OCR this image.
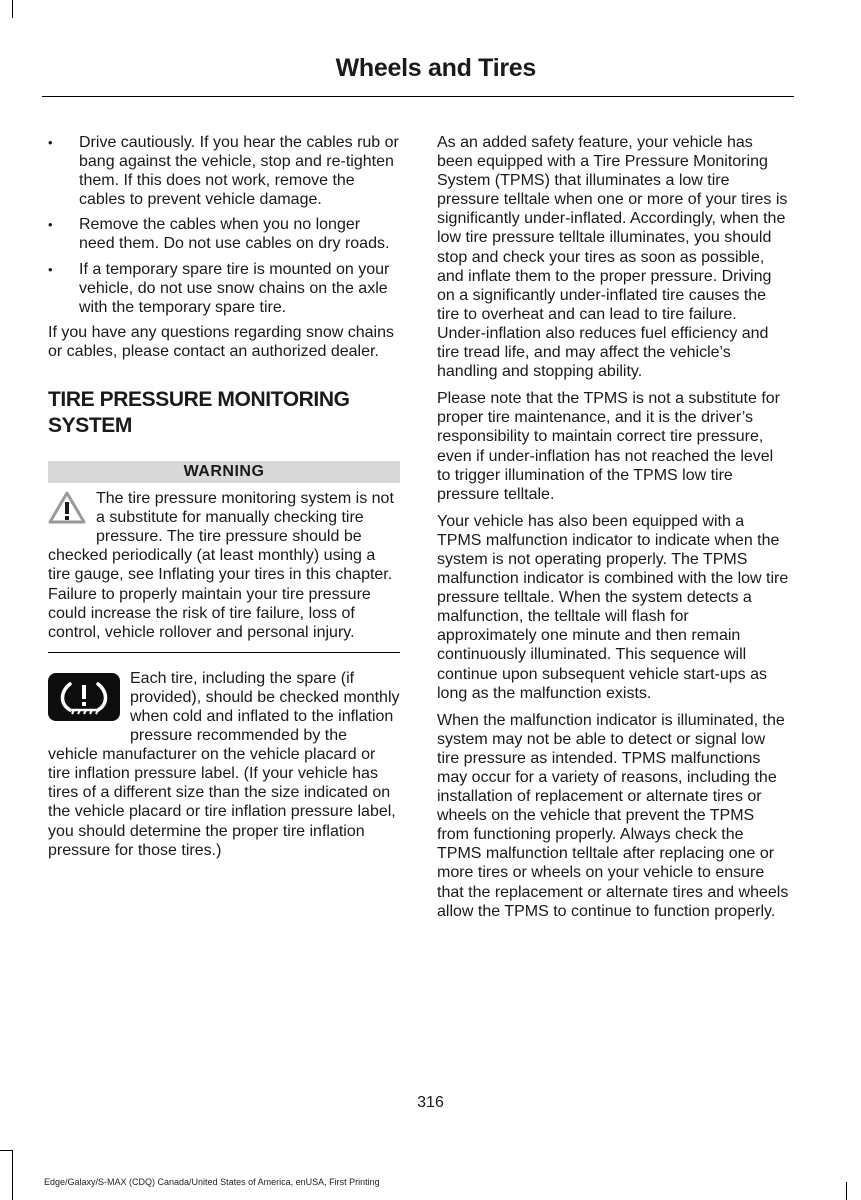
Wheels and Tires
• Drive cautiously. If you hear the cables rub or bang against the vehicle, stop and re-tighten them. If this does not work, remove the cables to prevent vehicle damage.
• Remove the cables when you no longer need them. Do not use cables on dry roads.
• If a temporary spare tire is mounted on your vehicle, do not use snow chains on the axle with the temporary spare tire.

If you have any questions regarding snow chains or cables, please contact an authorized dealer.

TIRE PRESSURE MONITORING SYSTEM
WARNING
The tire pressure monitoring system is not a substitute for manually checking tire pressure. The tire pressure should be checked periodically (at least monthly) using a tire gauge, see Inflating your tires in this chapter. Failure to properly maintain your tire pressure could increase the risk of tire failure, loss of control, vehicle rollover and personal injury.
Each tire, including the spare (if provided), should be checked monthly when cold and inflated to the inflation pressure recommended by the vehicle manufacturer on the vehicle placard or tire inflation pressure label. (If your vehicle has tires of a different size than the size indicated on the vehicle placard or tire inflation pressure label, you should determine the proper tire inflation pressure for those tires.)

As an added safety feature, your vehicle has been equipped with a Tire Pressure Monitoring System (TPMS) that illuminates a low tire pressure telltale when one or more of your tires is significantly under-inflated. Accordingly, when the low tire pressure telltale illuminates, you should stop and check your tires as soon as possible, and inflate them to the proper pressure. Driving on a significantly under-inflated tire causes the tire to overheat and can lead to tire failure. Under-inflation also reduces fuel efficiency and tire tread life, and may affect the vehicle’s handling and stopping ability.

Please note that the TPMS is not a substitute for proper tire maintenance, and it is the driver’s responsibility to maintain correct tire pressure, even if under-inflation has not reached the level to trigger illumination of the TPMS low tire pressure telltale.

Your vehicle has also been equipped with a TPMS malfunction indicator to indicate when the system is not operating properly. The TPMS malfunction indicator is combined with the low tire pressure telltale. When the system detects a malfunction, the telltale will flash for approximately one minute and then remain continuously illuminated. This sequence will continue upon subsequent vehicle start-ups as long as the malfunction exists.

When the malfunction indicator is illuminated, the system may not be able to detect or signal low tire pressure as intended. TPMS malfunctions may occur for a variety of reasons, including the installation of replacement or alternate tires or wheels on the vehicle that prevent the TPMS from functioning properly. Always check the TPMS malfunction telltale after replacing one or more tires or wheels on your vehicle to ensure that the replacement or alternate tires and wheels allow the TPMS to continue to function properly.

316
Edge/Galaxy/S-MAX (CDQ) Canada/United States of America, enUSA, First Printing
